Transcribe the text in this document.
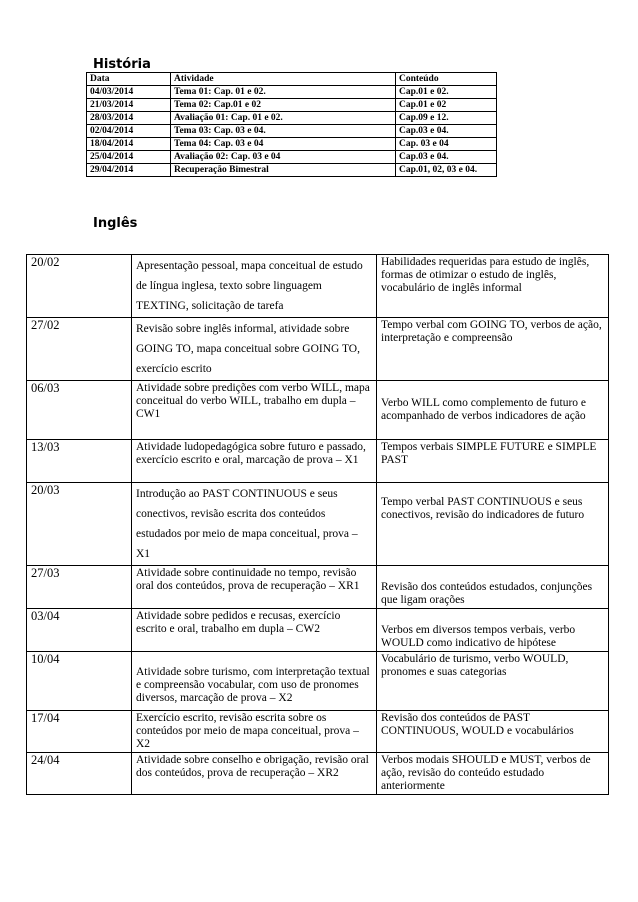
História
Data	Atividade	Conteúdo
04/03/2014	Tema 01: Cap. 01 e 02.	Cap.01 e 02.
21/03/2014	Tema 02: Cap.01 e 02	Cap.01 e 02
28/03/2014	Avaliação 01: Cap. 01 e 02.	Cap.09 e 12.
02/04/2014	Tema 03: Cap. 03 e 04.	Cap.03 e 04.
18/04/2014	Tema 04: Cap. 03 e 04	Cap. 03 e 04
25/04/2014	Avaliação 02: Cap. 03 e 04	Cap.03 e 04.
29/04/2014	Recuperação Bimestral	Cap.01, 02, 03 e 04.
Inglês
20/02	Apresentação pessoal, mapa conceitual de estudo de língua inglesa, texto sobre linguagem TEXTING, solicitação de tarefa	Habilidades requeridas para estudo de inglês, formas de otimizar o estudo de inglês, vocabulário de inglês informal
27/02	Revisão sobre inglês informal, atividade sobre GOING TO, mapa conceitual sobre GOING TO, exercício escrito	Tempo verbal com GOING TO, verbos de ação, interpretação e compreensão
06/03	Atividade sobre predições com verbo WILL, mapa conceitual do verbo WILL, trabalho em dupla – CW1	Verbo WILL como complemento de futuro e acompanhado de verbos indicadores de ação

13/03	Atividade ludopedagógica sobre futuro e passado, exercício escrito e oral, marcação de prova – X1	Tempos verbais SIMPLE FUTURE e SIMPLE PAST
20/03	Introdução ao PAST CONTINUOUS e seus conectivos, revisão escrita dos conteúdos estudados por meio de mapa conceitual, prova – X1	Tempo verbal PAST CONTINUOUS e seus conectivos, revisão do indicadores de futuro

27/03	Atividade sobre continuidade no tempo, revisão oral dos conteúdos, prova de recuperação – XR1	Revisão dos conteúdos estudados, conjunções que ligam orações

03/04	Atividade sobre pedidos e recusas, exercício escrito e oral, trabalho em dupla – CW2	Verbos em diversos tempos verbais, verbo WOULD como indicativo de hipótese

10/04	Atividade sobre turismo, com interpretação textual e compreensão vocabular, com uso de pronomes diversos, marcação de prova – X2	Vocabulário de turismo, verbo WOULD, pronomes e suas categorias
17/04	Exercício escrito, revisão escrita sobre os conteúdos por meio de mapa conceitual, prova – X2	Revisão dos conteúdos de PAST CONTINUOUS, WOULD e vocabulários
24/04	Atividade sobre conselho e obrigação, revisão oral dos conteúdos, prova de recuperação – XR2	Verbos modais SHOULD e MUST, verbos de ação, revisão do conteúdo estudado anteriormente
